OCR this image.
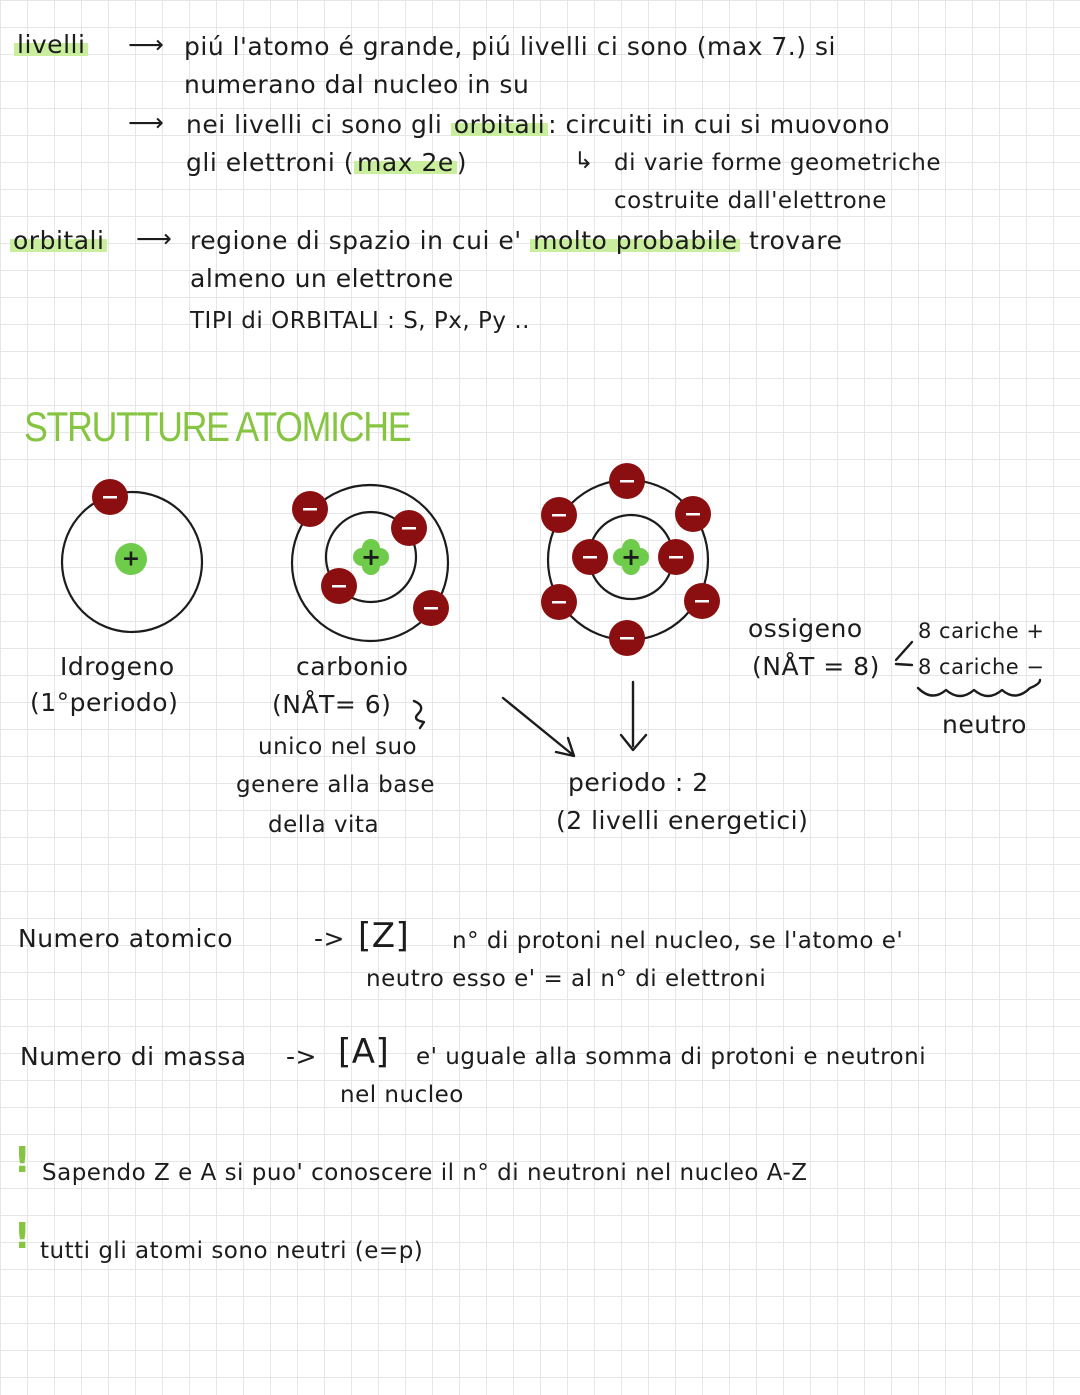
livelli ⟶ piú l'atomo é grande, piú livelli ci sono (max 7.) si
numerano dal nucleo in su
⟶ nei livelli ci sono gli orbitali : circuiti in cui si muovono
gli elettroni ( max 2e )	↳ di varie forme geometriche
costruite dall'elettrone
orbitali ⟶ regione di spazio in cui e' molto probabile trovare
almeno un elettrone
TIPI di ORBITALI : S, Px, Py ..
STRUTTURE ATOMICHE
+	+	+
Idrogeno
(1°periodo)
carbonio
(NÅT= 6)
unico nel suo
genere alla base
della vita
ossigeno
(NÅT = 8)
8 cariche +
8 cariche −
neutro
periodo : 2
(2 livelli energetici)
Numero atomico	-> [Z] n° di protoni nel nucleo, se l'atomo e'
neutro esso e' = al n° di elettroni
Numero di massa -> [A] e' uguale alla somma di protoni e neutroni
nel nucleo
! Sapendo Z e A si puo' conoscere il n° di neutroni nel nucleo A-Z
! tutti gli atomi sono neutri (e=p)
